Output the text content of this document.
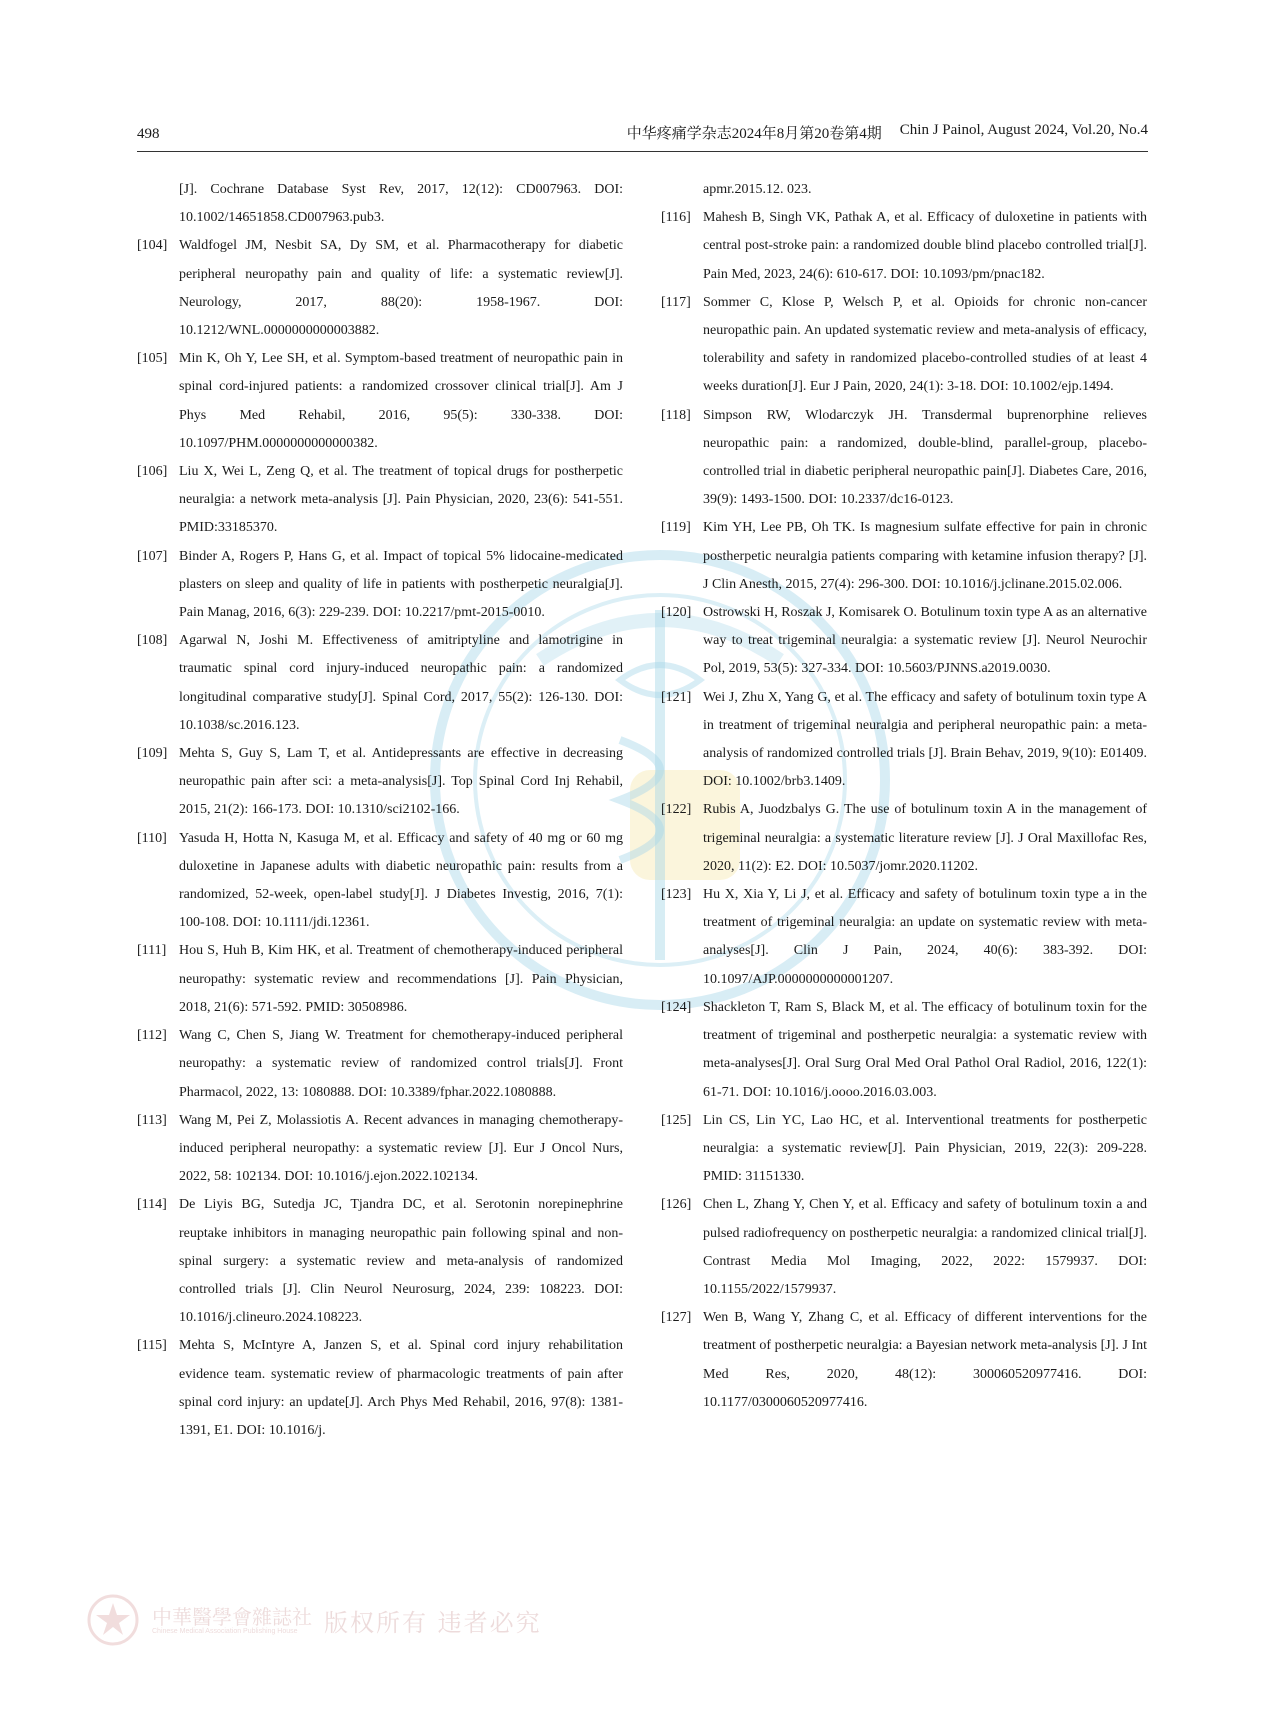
498	中华疼痛学杂志2024年8月第20卷第4期 Chin J Painol, August 2024, Vol.20, No.4
[J]. Cochrane Database Syst Rev, 2017, 12(12): CD007963. DOI: 10.1002/14651858.CD007963.pub3.
[104] Waldfogel JM, Nesbit SA, Dy SM, et al. Pharmacotherapy for diabetic peripheral neuropathy pain and quality of life: a systematic review[J]. Neurology, 2017, 88(20): 1958-1967. DOI: 10.1212/WNL.0000000000003882.
[105] Min K, Oh Y, Lee SH, et al. Symptom-based treatment of neuropathic pain in spinal cord-injured patients: a randomized crossover clinical trial[J]. Am J Phys Med Rehabil, 2016, 95(5): 330-338. DOI: 10.1097/PHM.0000000000000382.
[106] Liu X, Wei L, Zeng Q, et al. The treatment of topical drugs for postherpetic neuralgia: a network meta-analysis [J]. Pain Physician, 2020, 23(6): 541-551. PMID:33185370.
[107] Binder A, Rogers P, Hans G, et al. Impact of topical 5% lidocaine-medicated plasters on sleep and quality of life in patients with postherpetic neuralgia[J]. Pain Manag, 2016, 6(3): 229-239. DOI: 10.2217/pmt-2015-0010.
[108] Agarwal N, Joshi M. Effectiveness of amitriptyline and lamotrigine in traumatic spinal cord injury-induced neuropathic pain: a randomized longitudinal comparative study[J]. Spinal Cord, 2017, 55(2): 126-130. DOI: 10.1038/sc.2016.123.
[109] Mehta S, Guy S, Lam T, et al. Antidepressants are effective in decreasing neuropathic pain after sci: a meta-analysis[J]. Top Spinal Cord Inj Rehabil, 2015, 21(2): 166-173. DOI: 10.1310/sci2102-166.
[110] Yasuda H, Hotta N, Kasuga M, et al. Efficacy and safety of 40 mg or 60 mg duloxetine in Japanese adults with diabetic neuropathic pain: results from a randomized, 52-week, open-label study[J]. J Diabetes Investig, 2016, 7(1): 100-108. DOI: 10.1111/jdi.12361.
[111] Hou S, Huh B, Kim HK, et al. Treatment of chemotherapy-induced peripheral neuropathy: systematic review and recommendations [J]. Pain Physician, 2018, 21(6): 571-592. PMID: 30508986.
[112] Wang C, Chen S, Jiang W. Treatment for chemotherapy-induced peripheral neuropathy: a systematic review of randomized control trials[J]. Front Pharmacol, 2022, 13: 1080888. DOI: 10.3389/fphar.2022.1080888.
[113] Wang M, Pei Z, Molassiotis A. Recent advances in managing chemotherapy-induced peripheral neuropathy: a systematic review [J]. Eur J Oncol Nurs, 2022, 58: 102134. DOI: 10.1016/j.ejon.2022.102134.
[114] De Liyis BG, Sutedja JC, Tjandra DC, et al. Serotonin norepinephrine reuptake inhibitors in managing neuropathic pain following spinal and non-spinal surgery: a systematic review and meta-analysis of randomized controlled trials [J]. Clin Neurol Neurosurg, 2024, 239: 108223. DOI: 10.1016/j.clineuro.2024.108223.
[115] Mehta S, McIntyre A, Janzen S, et al. Spinal cord injury rehabilitation evidence team. systematic review of pharmacologic treatments of pain after spinal cord injury: an update[J]. Arch Phys Med Rehabil, 2016, 97(8): 1381-1391, E1. DOI: 10.1016/j.
apmr.2015.12. 023.
[116] Mahesh B, Singh VK, Pathak A, et al. Efficacy of duloxetine in patients with central post-stroke pain: a randomized double blind placebo controlled trial[J]. Pain Med, 2023, 24(6): 610-617. DOI: 10.1093/pm/pnac182.
[117] Sommer C, Klose P, Welsch P, et al. Opioids for chronic non-cancer neuropathic pain. An updated systematic review and meta-analysis of efficacy, tolerability and safety in randomized placebo-controlled studies of at least 4 weeks duration[J]. Eur J Pain, 2020, 24(1): 3-18. DOI: 10.1002/ejp.1494.
[118] Simpson RW, Wlodarczyk JH. Transdermal buprenorphine relieves neuropathic pain: a randomized, double-blind, parallel-group, placebo-controlled trial in diabetic peripheral neuropathic pain[J]. Diabetes Care, 2016, 39(9): 1493-1500. DOI: 10.2337/dc16-0123.
[119] Kim YH, Lee PB, Oh TK. Is magnesium sulfate effective for pain in chronic postherpetic neuralgia patients comparing with ketamine infusion therapy? [J]. J Clin Anesth, 2015, 27(4): 296-300. DOI: 10.1016/j.jclinane.2015.02.006.
[120] Ostrowski H, Roszak J, Komisarek O. Botulinum toxin type A as an alternative way to treat trigeminal neuralgia: a systematic review [J]. Neurol Neurochir Pol, 2019, 53(5): 327-334. DOI: 10.5603/PJNNS.a2019.0030.
[121] Wei J, Zhu X, Yang G, et al. The efficacy and safety of botulinum toxin type A in treatment of trigeminal neuralgia and peripheral neuropathic pain: a meta-analysis of randomized controlled trials [J]. Brain Behav, 2019, 9(10): E01409. DOI: 10.1002/brb3.1409.
[122] Rubis A, Juodzbalys G. The use of botulinum toxin A in the management of trigeminal neuralgia: a systematic literature review [J]. J Oral Maxillofac Res, 2020, 11(2): E2. DOI: 10.5037/jomr.2020.11202.
[123] Hu X, Xia Y, Li J, et al. Efficacy and safety of botulinum toxin type a in the treatment of trigeminal neuralgia: an update on systematic review with meta-analyses[J]. Clin J Pain, 2024, 40(6): 383-392. DOI: 10.1097/AJP.0000000000001207.
[124] Shackleton T, Ram S, Black M, et al. The efficacy of botulinum toxin for the treatment of trigeminal and postherpetic neuralgia: a systematic review with meta-analyses[J]. Oral Surg Oral Med Oral Pathol Oral Radiol, 2016, 122(1): 61-71. DOI: 10.1016/j.oooo.2016.03.003.
[125] Lin CS, Lin YC, Lao HC, et al. Interventional treatments for postherpetic neuralgia: a systematic review[J]. Pain Physician, 2019, 22(3): 209-228. PMID: 31151330.
[126] Chen L, Zhang Y, Chen Y, et al. Efficacy and safety of botulinum toxin a and pulsed radiofrequency on postherpetic neuralgia: a randomized clinical trial[J]. Contrast Media Mol Imaging, 2022, 2022: 1579937. DOI: 10.1155/2022/1579937.
[127] Wen B, Wang Y, Zhang C, et al. Efficacy of different interventions for the treatment of postherpetic neuralgia: a Bayesian network meta-analysis [J]. J Int Med Res, 2020, 48(12): 300060520977416. DOI: 10.1177/0300060520977416.
中華醫學會雜誌社
Chinese Medical Association Publishing House	版权所有 违者必究
